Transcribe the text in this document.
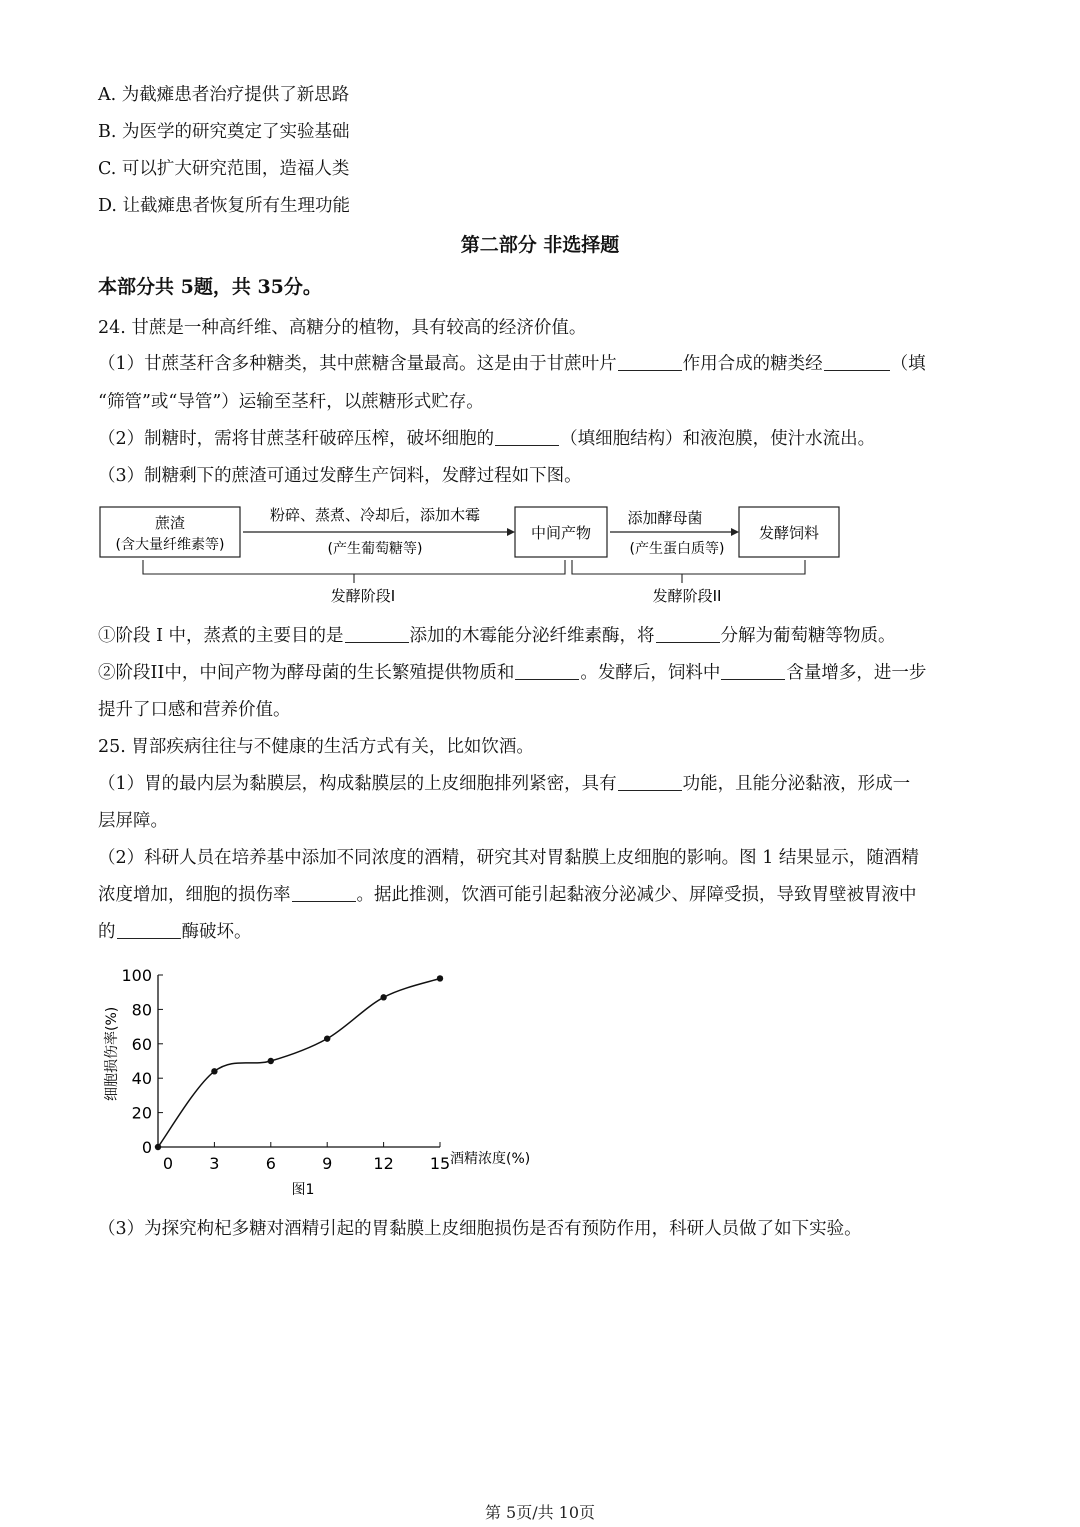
A. 为截瘫患者治疗提供了新思路
B. 为医学的研究奠定了实验基础
C. 可以扩大研究范围，造福人类
D. 让截瘫患者恢复所有生理功能
第二部分 非选择题
本部分共 5题，共 35分。
24. 甘蔗是一种高纤维、高糖分的植物，具有较高的经济价值。
（1）甘蔗茎秆含多种糖类，其中蔗糖含量最高。这是由于甘蔗叶片	作用合成的糖类经	（填
“筛管”或“导管”）运输至茎秆，以蔗糖形式贮存。
（2）制糖时，需将甘蔗茎秆破碎压榨，破坏细胞的	（填细胞结构）和液泡膜，使汁水流出。
（3）制糖剩下的蔗渣可通过发酵生产饲料，发酵过程如下图。
蔗渣
(含大量纤维素等)
粉碎、蒸煮、冷却后，添加木霉
(产生葡萄糖等)
中间产物
添加酵母菌
(产生蛋白质等)
发酵饲料
发酵阶段I	发酵阶段II
①阶段 I 中，蒸煮的主要目的是	添加的木霉能分泌纤维素酶，将	分解为葡萄糖等物质。
②阶段II中，中间产物为酵母菌的生长繁殖提供物质和	。发酵后，饲料中	含量增多，进一步
提升了口感和营养价值。
25. 胃部疾病往往与不健康的生活方式有关，比如饮酒。
（1）胃的最内层为黏膜层，构成黏膜层的上皮细胞排列紧密，具有	功能，且能分泌黏液，形成一
层屏障。
（2）科研人员在培养基中添加不同浓度的酒精，研究其对胃黏膜上皮细胞的影响。图 1 结果显示，随酒精
浓度增加，细胞的损伤率	。据此推测，饮酒可能引起黏液分泌减少、屏障受损，导致胃壁被胃液中
的	酶破坏。
0 3	6	9	12 15
0
20
40
60
80
100
酒精浓度(%)
细胞损伤率(%)
图1
（3）为探究枸杞多糖对酒精引起的胃黏膜上皮细胞损伤是否有预防作用，科研人员做了如下实验。
第 5页/共 10页
